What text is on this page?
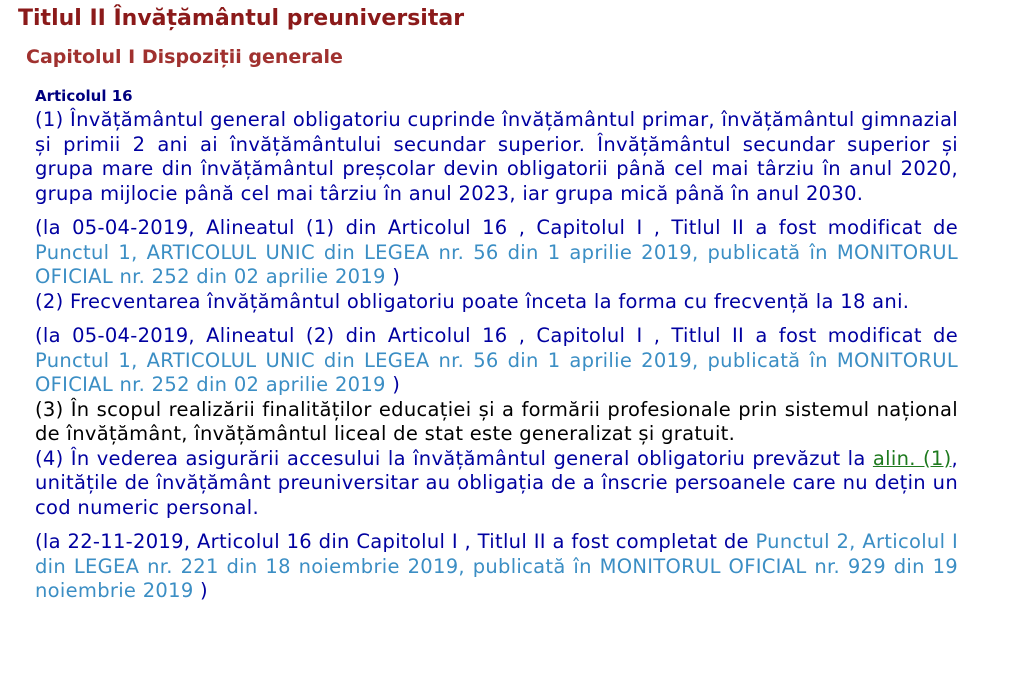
Titlul II Învățământul preuniversitar
Capitolul I Dispoziții generale
Articolul 16

(1) Învățământul general obligatoriu cuprinde învățământul primar, învățământul gimnazial și primii 2 ani ai învățământului secundar superior. Învățământul secundar superior și grupa mare din învățământul preșcolar devin obligatorii până cel mai târziu în anul 2020, grupa mijlocie până cel mai târziu în anul 2023, iar grupa mică până în anul 2030.

(la 05-04-2019, Alineatul (1) din Articolul 16 , Capitolul I , Titlul II a fost modificat de Punctul 1, ARTICOLUL UNIC din LEGEA nr. 56 din 1 aprilie 2019, publicată în MONITORUL OFICIAL nr. 252 din 02 aprilie 2019 )

(2) Frecventarea învățământul obligatoriu poate înceta la forma cu frecvență la 18 ani.

(la 05-04-2019, Alineatul (2) din Articolul 16 , Capitolul I , Titlul II a fost modificat de Punctul 1, ARTICOLUL UNIC din LEGEA nr. 56 din 1 aprilie 2019, publicată în MONITORUL OFICIAL nr. 252 din 02 aprilie 2019 )

(3) În scopul realizării finalităților educației și a formării profesionale prin sistemul național de învățământ, învățământul liceal de stat este generalizat și gratuit.

(4) În vederea asigurării accesului la învățământul general obligatoriu prevăzut la alin. (1), unitățile de învățământ preuniversitar au obligația de a înscrie persoanele care nu dețin un cod numeric personal.

(la 22-11-2019, Articolul 16 din Capitolul I , Titlul II a fost completat de Punctul 2, Articolul I din LEGEA nr. 221 din 18 noiembrie 2019, publicată în MONITORUL OFICIAL nr. 929 din 19 noiembrie 2019 )
